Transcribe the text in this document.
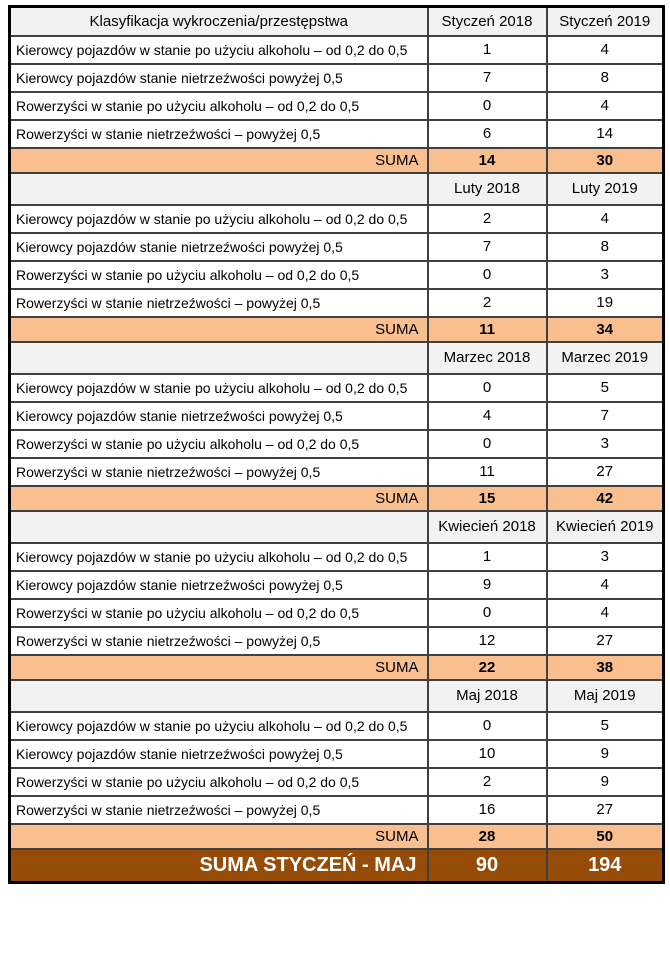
Klasyfikacja wykroczenia/przestępstwa	Styczeń 2018	Styczeń 2019
Kierowcy pojazdów w stanie po użyciu alkoholu – od 0,2 do 0,5	1	4
Kierowcy pojazdów stanie nietrzeźwości powyżej 0,5	7	8
Rowerzyści w stanie po użyciu alkoholu – od 0,2 do 0,5	0	4
Rowerzyści w stanie nietrzeźwości – powyżej 0,5	6	14
SUMA	14	30
	Luty 2018	Luty 2019
Kierowcy pojazdów w stanie po użyciu alkoholu – od 0,2 do 0,5	2	4
Kierowcy pojazdów stanie nietrzeźwości powyżej 0,5	7	8
Rowerzyści w stanie po użyciu alkoholu – od 0,2 do 0,5	0	3
Rowerzyści w stanie nietrzeźwości – powyżej 0,5	2	19
SUMA	11	34
	Marzec 2018	Marzec 2019
Kierowcy pojazdów w stanie po użyciu alkoholu – od 0,2 do 0,5	0	5
Kierowcy pojazdów stanie nietrzeźwości powyżej 0,5	4	7
Rowerzyści w stanie po użyciu alkoholu – od 0,2 do 0,5	0	3
Rowerzyści w stanie nietrzeźwości – powyżej 0,5	11	27
SUMA	15	42
	Kwiecień 2018	Kwiecień 2019
Kierowcy pojazdów w stanie po użyciu alkoholu – od 0,2 do 0,5	1	3
Kierowcy pojazdów stanie nietrzeźwości powyżej 0,5	9	4
Rowerzyści w stanie po użyciu alkoholu – od 0,2 do 0,5	0	4
Rowerzyści w stanie nietrzeźwości – powyżej 0,5	12	27
SUMA	22	38
	Maj 2018	Maj 2019
Kierowcy pojazdów w stanie po użyciu alkoholu – od 0,2 do 0,5	0	5
Kierowcy pojazdów stanie nietrzeźwości powyżej 0,5	10	9
Rowerzyści w stanie po użyciu alkoholu – od 0,2 do 0,5	2	9
Rowerzyści w stanie nietrzeźwości – powyżej 0,5	16	27
SUMA	28	50
SUMA STYCZEŃ - MAJ	90	194
